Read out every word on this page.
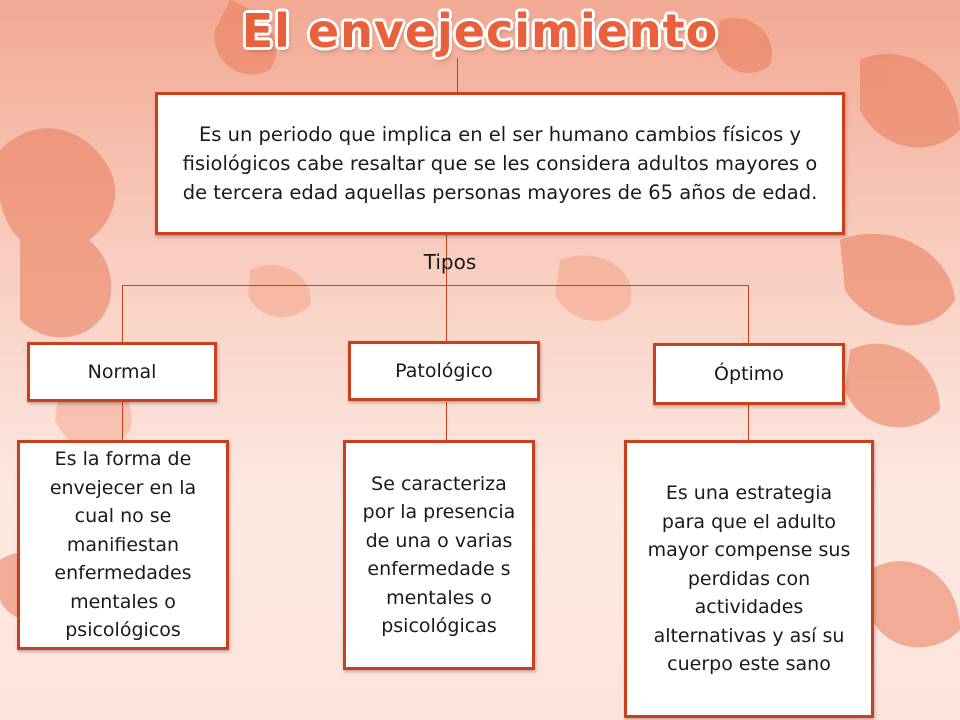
El envejecimiento
Es un periodo que implica en el ser humano cambios físicos y fisiológicos cabe resaltar que se les considera adultos mayores o de tercera edad aquellas personas mayores de 65 años de edad.
Tipos
Normal	Patológico	Óptimo
Es la forma de envejecer en la cual no se manifiestan enfermedades mentales o psicológicos
Se caracteriza por la presencia de una o varias enfermedade s mentales o psicológicas
Es una estrategia para que el adulto mayor compense sus perdidas con actividades alternativas y así su cuerpo este sano
